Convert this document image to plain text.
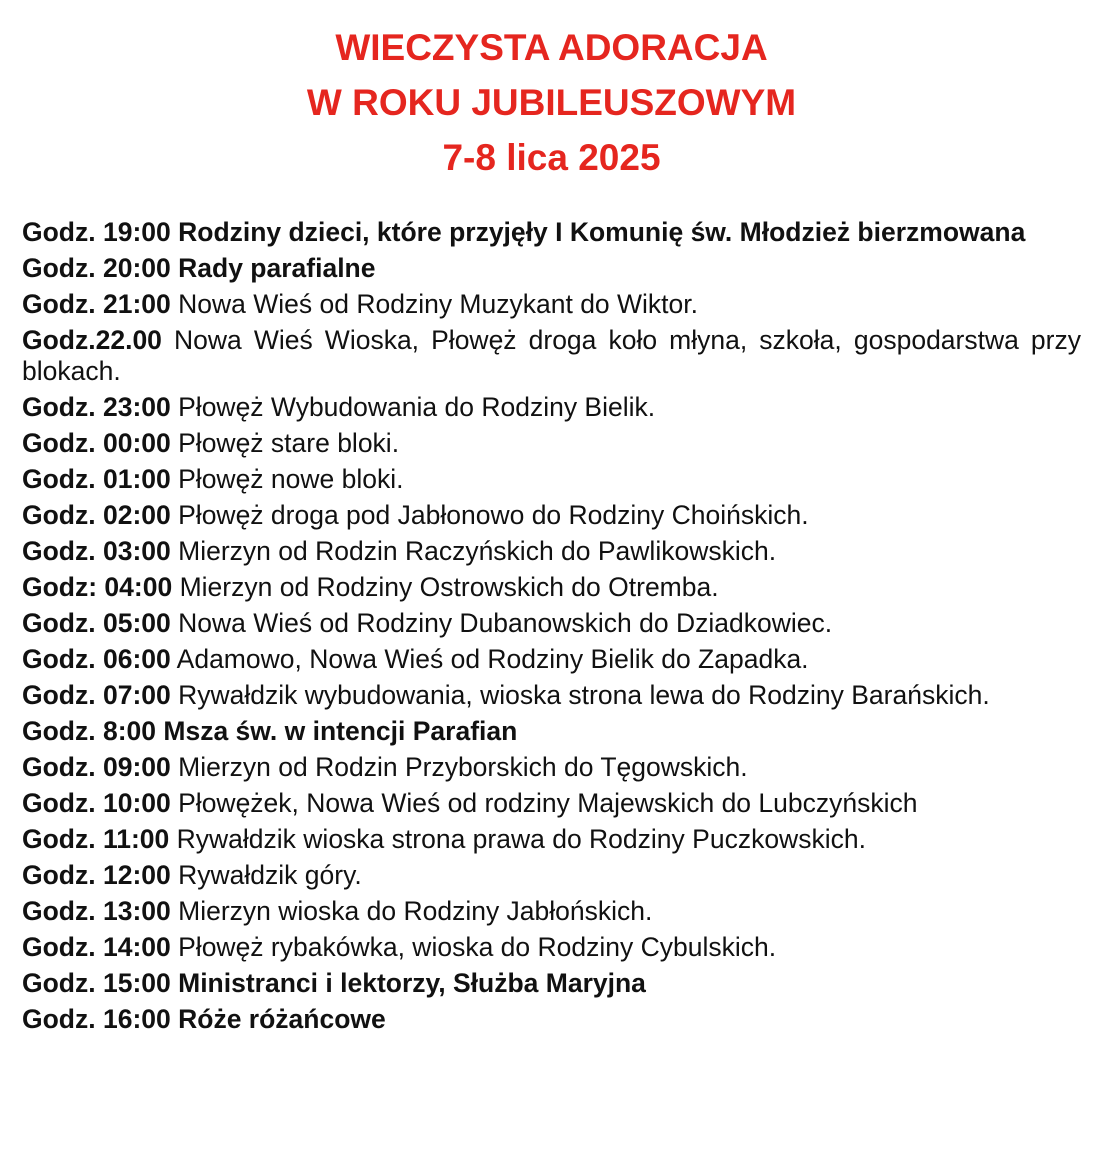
WIECZYSTA ADORACJA
W ROKU JUBILEUSZOWYM
7-8 lica 2025
Godz. 19:00 Rodziny dzieci, które przyjęły I Komunię św. Młodzież bierzmowana
Godz. 20:00 Rady parafialne
Godz. 21:00 Nowa Wieś od Rodziny Muzykant do Wiktor.
Godz.22.00 Nowa Wieś Wioska, Płowęż droga koło młyna, szkoła, gospodarstwa przy blokach.
Godz. 23:00 Płowęż Wybudowania do Rodziny Bielik.
Godz. 00:00 Płowęż stare bloki.
Godz. 01:00 Płowęż nowe bloki.
Godz. 02:00 Płowęż droga pod Jabłonowo do Rodziny Choińskich.
Godz. 03:00 Mierzyn od Rodzin Raczyńskich do Pawlikowskich.
Godz: 04:00 Mierzyn od Rodziny Ostrowskich do Otremba.
Godz. 05:00 Nowa Wieś od Rodziny Dubanowskich do Dziadkowiec.
Godz. 06:00 Adamowo, Nowa Wieś od Rodziny Bielik do Zapadka.
Godz. 07:00 Rywałdzik wybudowania, wioska strona lewa do Rodziny Barańskich.
Godz. 8:00 Msza św. w intencji Parafian
Godz. 09:00 Mierzyn od Rodzin Przyborskich do Tęgowskich.
Godz. 10:00 Płowężek, Nowa Wieś od rodziny Majewskich do Lubczyńskich
Godz. 11:00 Rywałdzik wioska strona prawa do Rodziny Puczkowskich.
Godz. 12:00 Rywałdzik góry.
Godz. 13:00 Mierzyn wioska do Rodziny Jabłońskich.
Godz. 14:00 Płowęż rybakówka, wioska do Rodziny Cybulskich.
Godz. 15:00 Ministranci i lektorzy, Służba Maryjna
Godz. 16:00 Róże różańcowe
